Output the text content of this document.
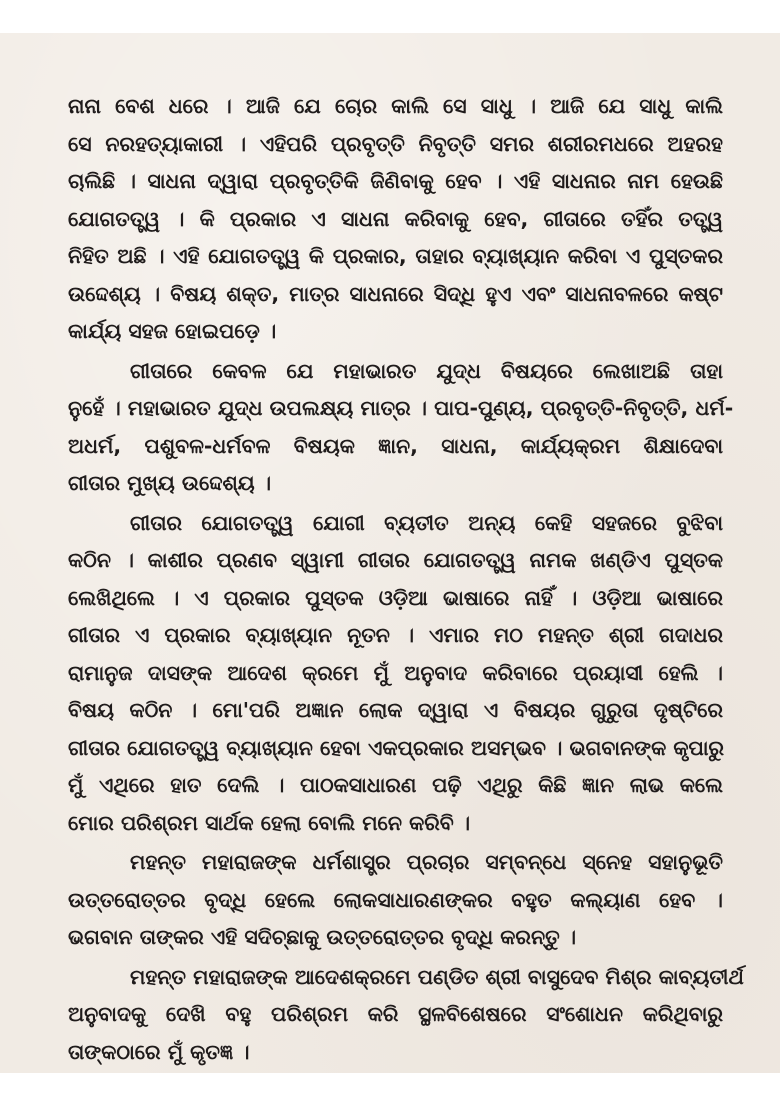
ନାନା ବେଶ ଧରେ । ଆଜି ଯେ ଚୋର କାଲି ସେ ସାଧୁ । ଆଜି ଯେ ସାଧୁ କାଲି
ସେ ନରହତ୍ୟାକାରୀ । ଏହିପରି ପ୍ରବୃତ୍ତି ନିବୃତ୍ତି ସମର ଶରୀରମଧରେ ଅହରହ
ଚାଲିଛି । ସାଧନା ଦ୍ୱାରା ପ୍ରବୃତ୍ତିକି ଜିଣିବାକୁ ହେବ । ଏହି ସାଧନାର ନାମ ହେଉଛି
ଯୋଗତତ୍ତ୍ୱ । କି ପ୍ରକାର ଏ ସାଧନା କରିବାକୁ ହେବ, ଗୀତାରେ ତହିଁର ତତ୍ତ୍ୱ
ନିହିତ ଅଛି । ଏହି ଯୋଗତତ୍ତ୍ୱ କି ପ୍ରକାର, ତାହାର ବ୍ୟାଖ୍ୟାନ କରିବା ଏ ପୁସ୍ତକର
ଉଦ୍ଦେଶ୍ୟ । ବିଷୟ ଶକ୍ତ, ମାତ୍ର ସାଧନାରେ ସିଦ୍ଧି ହୁଏ ଏବଂ ସାଧନାବଳରେ କଷ୍ଟ
କାର୍ଯ୍ୟ ସହଜ ହୋଇପଡ଼େ ।

ଗୀତାରେ କେବଳ ଯେ ମହାଭାରତ ଯୁଦ୍ଧ ବିଷୟରେ ଲେଖାଅଛି ତାହା
ନୁହେଁ । ମହାଭାରତ ଯୁଦ୍ଧ ଉପଲକ୍ଷ୍ୟ ମାତ୍ର । ପାପ-ପୁଣ୍ୟ, ପ୍ରବୃତ୍ତି-ନିବୃତ୍ତି, ଧର୍ମ-
ଅଧର୍ମ, ପଶୁବଳ-ଧର୍ମବଳ ବିଷୟକ ଜ୍ଞାନ, ସାଧନା, କାର୍ଯ୍ୟକ୍ରମ ଶିକ୍ଷାଦେବା
ଗୀତାର ମୁଖ୍ୟ ଉଦ୍ଦେଶ୍ୟ ।

ଗୀତାର ଯୋଗତତ୍ତ୍ୱ ଯୋଗୀ ବ୍ୟତୀତ ଅନ୍ୟ କେହି ସହଜରେ ବୁଝିବା
କଠିନ । କାଶୀର ପ୍ରଣବ ସ୍ୱାମୀ ଗୀତାର ଯୋଗତତ୍ତ୍ୱ ନାମକ ଖଣ୍ଡିଏ ପୁସ୍ତକ
ଲେଖିଥିଲେ । ଏ ପ୍ରକାର ପୁସ୍ତକ ଓଡ଼ିଆ ଭାଷାରେ ନାହିଁ । ଓଡ଼ିଆ ଭାଷାରେ
ଗୀତାର ଏ ପ୍ରକାର ବ୍ୟାଖ୍ୟାନ ନୂତନ । ଏମାର ମଠ ମହନ୍ତ ଶ୍ରୀ ଗଦାଧର
ରାମାନୁଜ ଦାସଙ୍କ ଆଦେଶ କ୍ରମେ ମୁଁ ଅନୁବାଦ କରିବାରେ ପ୍ରୟାସୀ ହେଲି ।
ବିଷୟ କଠିନ । ମୋ'ପରି ଅଜ୍ଞାନ ଲୋକ ଦ୍ୱାରା ଏ ବିଷୟର ଗୁରୁତା ଦୃଷ୍ଟିରେ
ଗୀତାର ଯୋଗତତ୍ତ୍ୱ ବ୍ୟାଖ୍ୟାନ ହେବା ଏକପ୍ରକାର ଅସମ୍ଭବ । ଭଗବାନଙ୍କ କୃପାରୁ
ମୁଁ ଏଥିରେ ହାତ ଦେଲି । ପାଠକସାଧାରଣ ପଢ଼ି ଏଥିରୁ କିଛି ଜ୍ଞାନ ଲାଭ କଲେ
ମୋର ପରିଶ୍ରମ ସାର୍ଥକ ହେଲା ବୋଲି ମନେ କରିବି ।

ମହନ୍ତ ମହାରାଜଙ୍କ ଧର୍ମଶାସ୍ତ୍ର ପ୍ରଚାର ସମ୍ବନ୍ଧେ ସ୍ନେହ ସହାନୁଭୂତି
ଉତ୍ତରୋତ୍ତର ବୃଦ୍ଧି ହେଲେ ଲୋକସାଧାରଣଙ୍କର ବହୁତ କଲ୍ୟାଣ ହେବ ।
ଭଗବାନ ତାଙ୍କର ଏହି ସଦିଚ୍ଛାକୁ ଉତ୍ତରୋତ୍ତର ବୃଦ୍ଧି କରନ୍ତୁ ।

ମହନ୍ତ ମହାରାଜଙ୍କ ଆଦେଶକ୍ରମେ ପଣ୍ଡିତ ଶ୍ରୀ ବାସୁଦେବ ମିଶ୍ର କାବ୍ୟତୀର୍ଥ
ଅନୁବାଦକୁ ଦେଖି ବହୁ ପରିଶ୍ରମ କରି ସ୍ଥଳବିଶେଷରେ ସଂଶୋଧନ କରିଥିବାରୁ
ତାଙ୍କଠାରେ ମୁଁ କୃତଜ୍ଞ ।
